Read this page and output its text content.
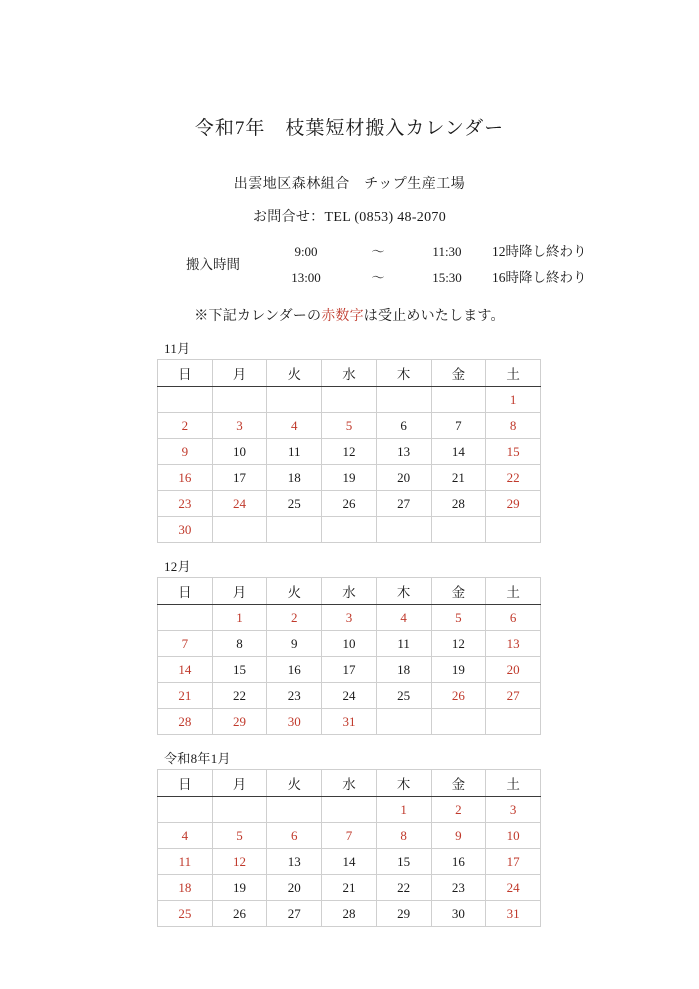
令和7年　枝葉短材搬入カレンダー
出雲地区森林組合　チップ生産工場
お問合せ：TEL (0853) 48-2070
搬入時間
9:00	〜	11:30	12時降し終わり
13:00	〜	15:30	16時降し終わり
※下記カレンダーの赤数字は受止めいたします。
11月
日	月	火	水	木	金	土
						1
2	3	4	5	6	7	8
9	10	11	12	13	14	15
16	17	18	19	20	21	22
23	24	25	26	27	28	29
30						
12月
日	月	火	水	木	金	土
	1	2	3	4	5	6
7	8	9	10	11	12	13
14	15	16	17	18	19	20
21	22	23	24	25	26	27
28	29	30	31			
令和8年1月
日	月	火	水	木	金	土
				1	2	3
4	5	6	7	8	9	10
11	12	13	14	15	16	17
18	19	20	21	22	23	24
25	26	27	28	29	30	31
